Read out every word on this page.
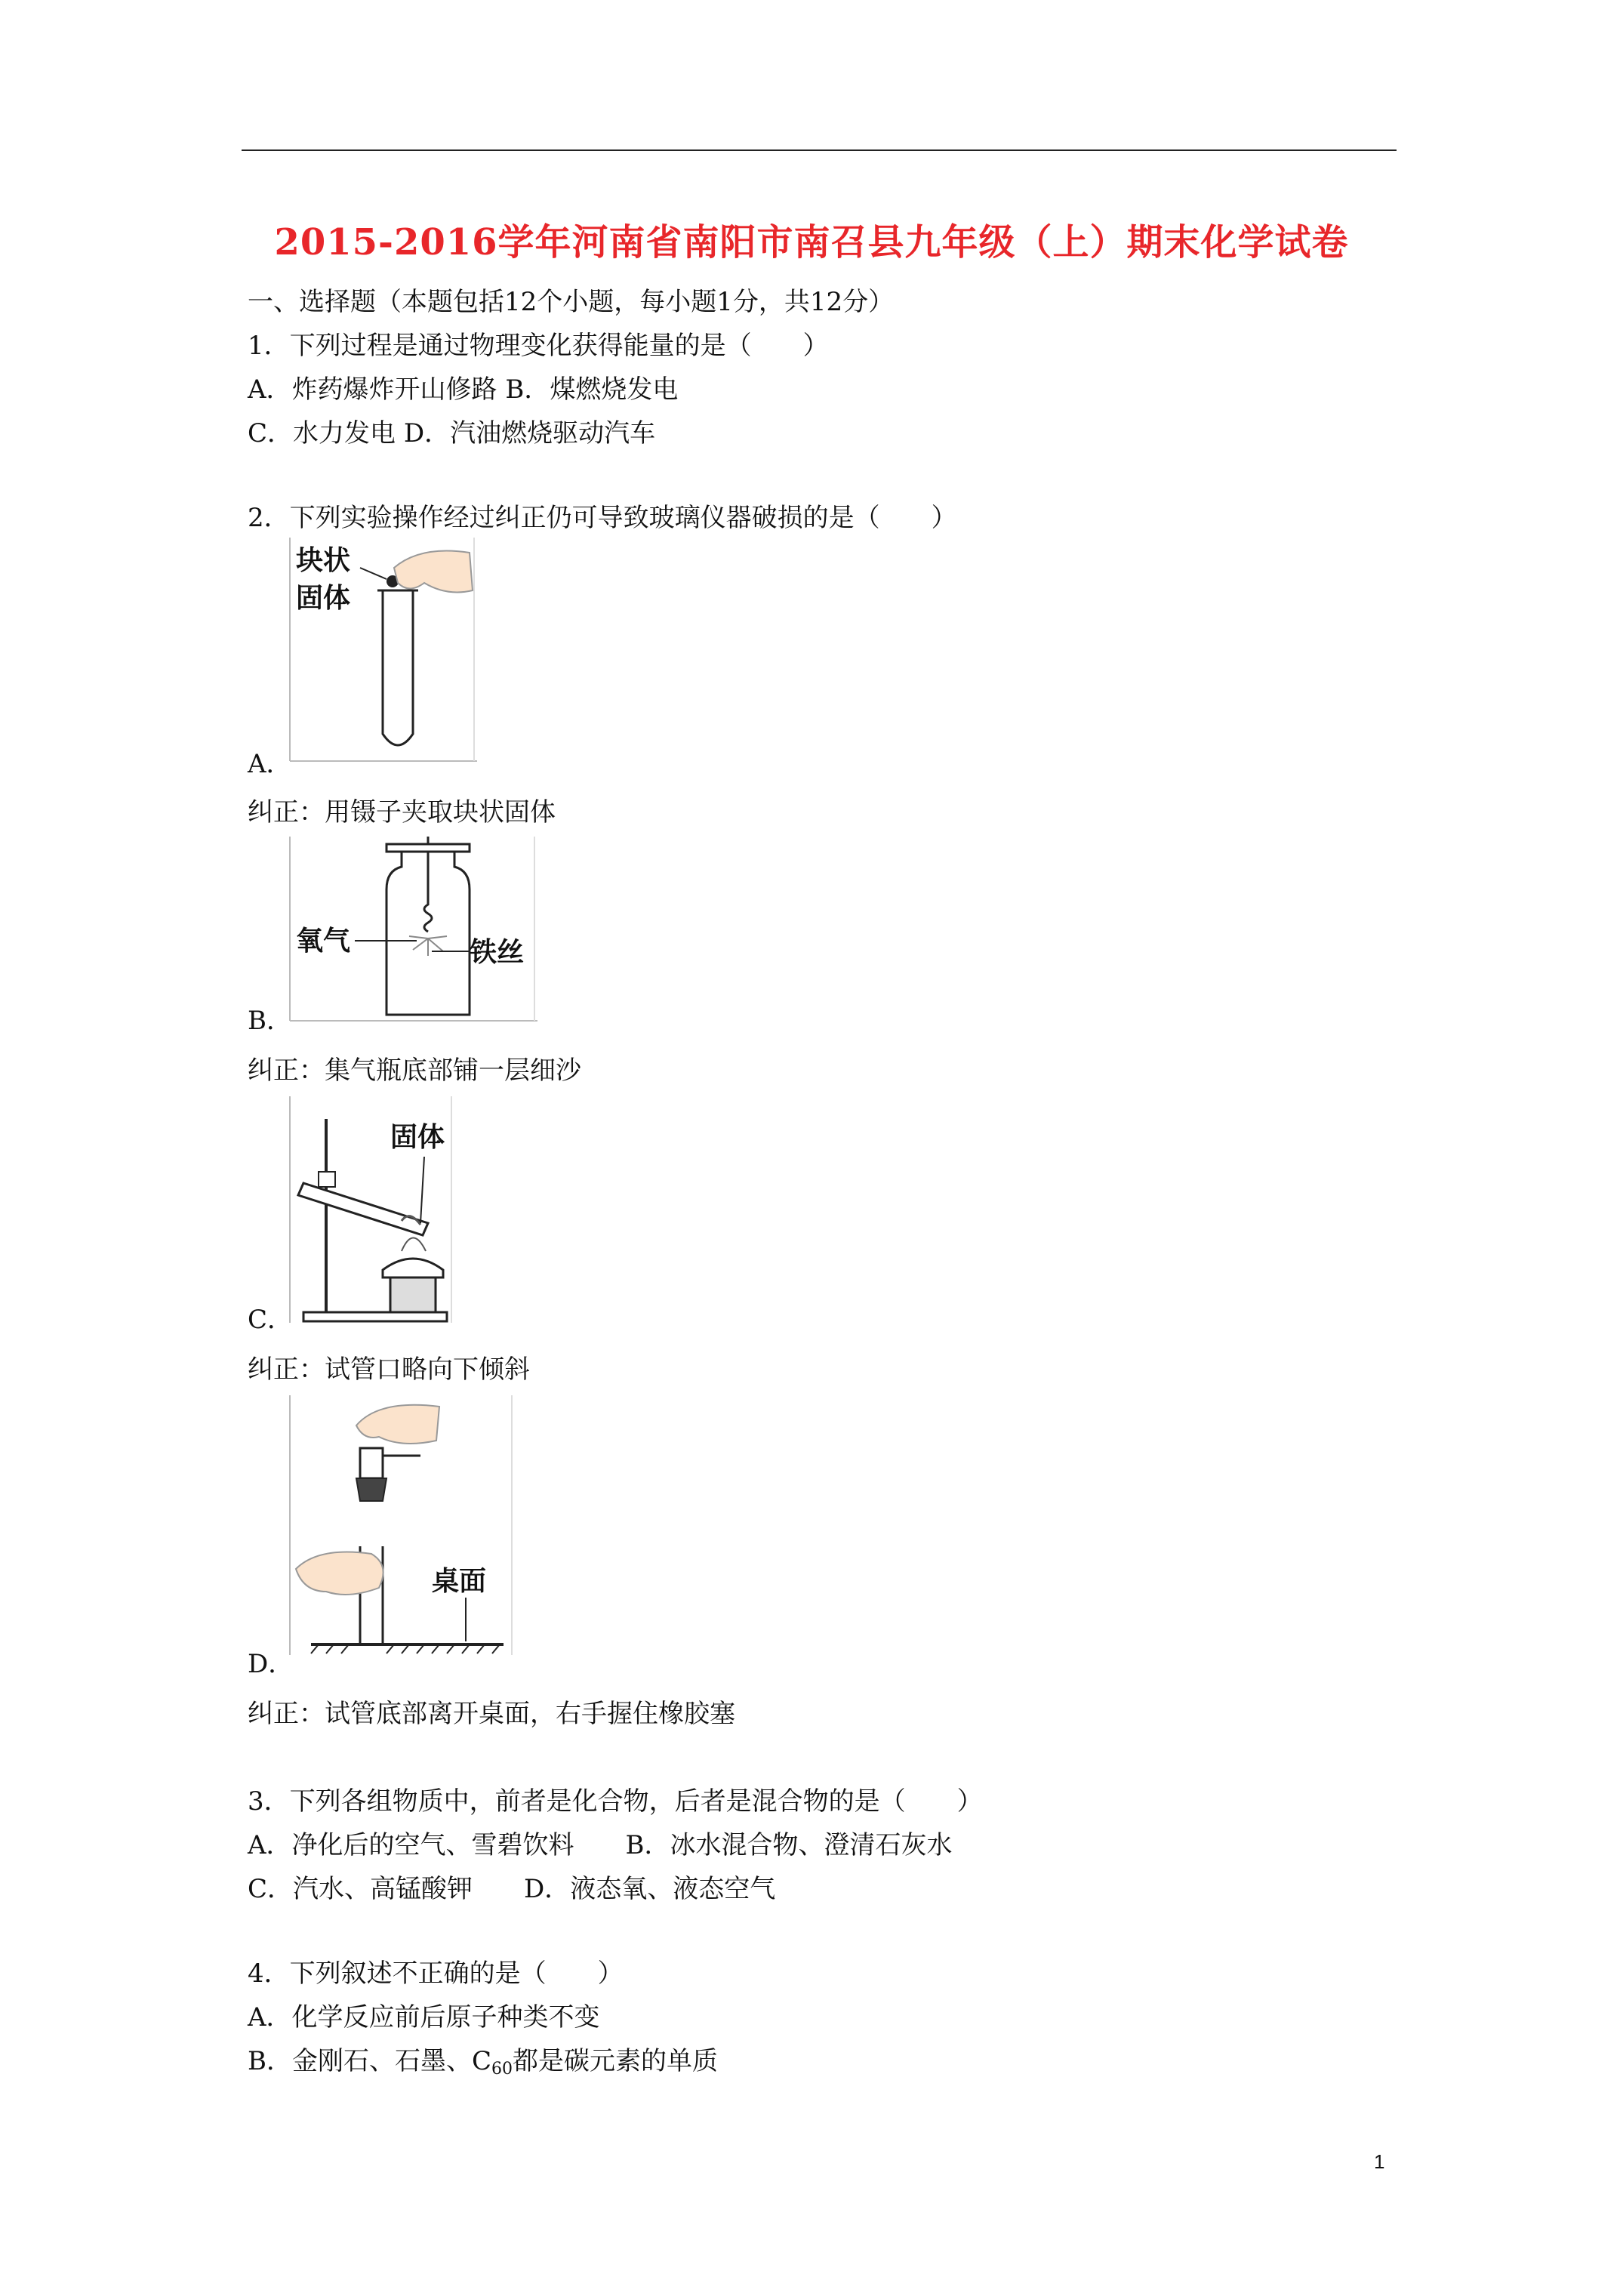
2015-2016学年河南省南阳市南召县九年级（上）期末化学试卷
一、选择题（本题包括12个小题，每小题1分，共12分）
1．下列过程是通过物理变化获得能量的是（　　）
A．炸药爆炸开山修路 B．煤燃烧发电
C．水力发电 D．汽油燃烧驱动汽车
2．下列实验操作经过纠正仍可导致玻璃仪器破损的是（　　）
块状
固体
A．
纠正：用镊子夹取块状固体
氧气	铁丝
B．
纠正：集气瓶底部铺一层细沙
固体
C．
纠正：试管口略向下倾斜
桌面
D．
纠正：试管底部离开桌面，右手握住橡胶塞
3．下列各组物质中，前者是化合物，后者是混合物的是（　　）
A．净化后的空气、雪碧饮料　　B．冰水混合物、澄清石灰水
C．汽水、高锰酸钾　　D．液态氧、液态空气
4．下列叙述不正确的是（　　）
A．化学反应前后原子种类不变
B．金刚石、石墨、$C_{60}$都是碳元素的单质
1
